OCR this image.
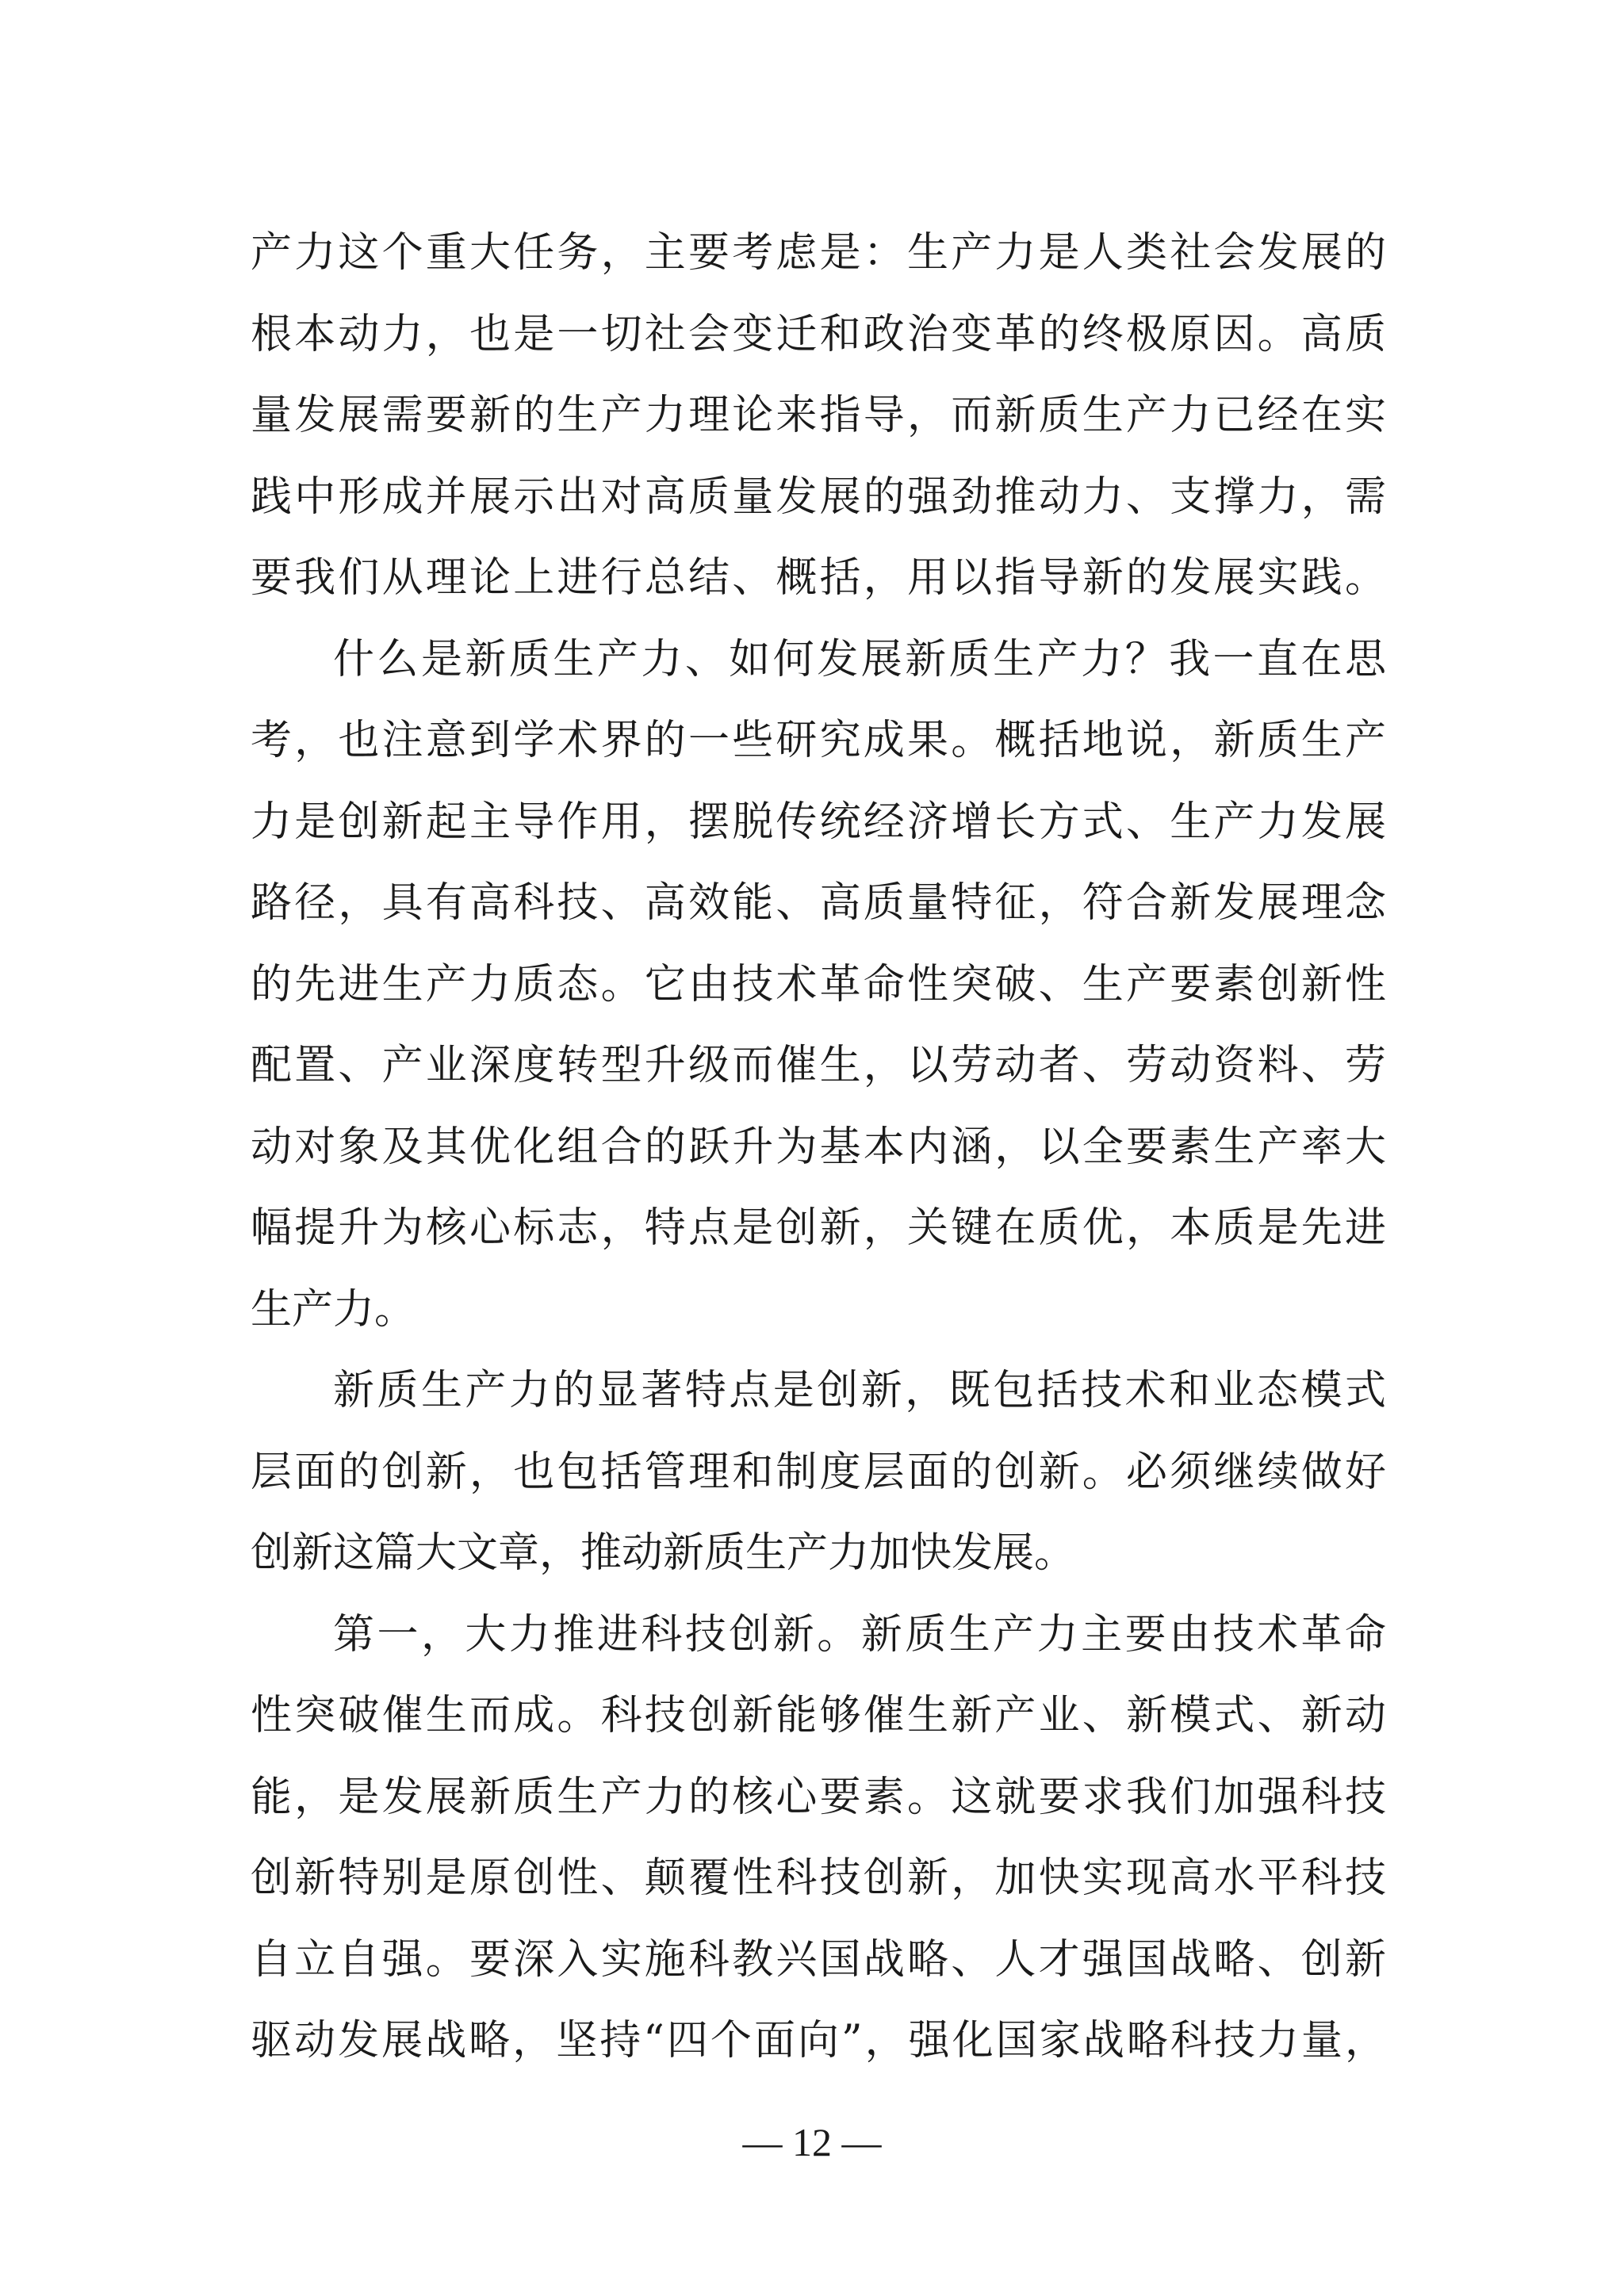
产力这个重大任务，主要考虑是：生产力是人类社会发展的
根本动力，也是一切社会变迁和政治变革的终极原因。高质
量发展需要新的生产力理论来指导，而新质生产力已经在实
践中形成并展示出对高质量发展的强劲推动力、支撑力，需
要我们从理论上进行总结、概括，用以指导新的发展实践。
什么是新质生产力、如何发展新质生产力？我一直在思
考，也注意到学术界的一些研究成果。概括地说，新质生产
力是创新起主导作用，摆脱传统经济增长方式、生产力发展
路径，具有高科技、高效能、高质量特征，符合新发展理念
的先进生产力质态。它由技术革命性突破、生产要素创新性
配置、产业深度转型升级而催生，以劳动者、劳动资料、劳
动对象及其优化组合的跃升为基本内涵，以全要素生产率大
幅提升为核心标志，特点是创新，关键在质优，本质是先进
生产力。
新质生产力的显著特点是创新，既包括技术和业态模式
层面的创新，也包括管理和制度层面的创新。必须继续做好
创新这篇大文章，推动新质生产力加快发展。
第一，大力推进科技创新。新质生产力主要由技术革命
性突破催生而成。科技创新能够催生新产业、新模式、新动
能，是发展新质生产力的核心要素。这就要求我们加强科技
创新特别是原创性、颠覆性科技创新，加快实现高水平科技
自立自强。要深入实施科教兴国战略、人才强国战略、创新
驱动发展战略，坚持“四个面向”，强化国家战略科技力量，
— 12 —
